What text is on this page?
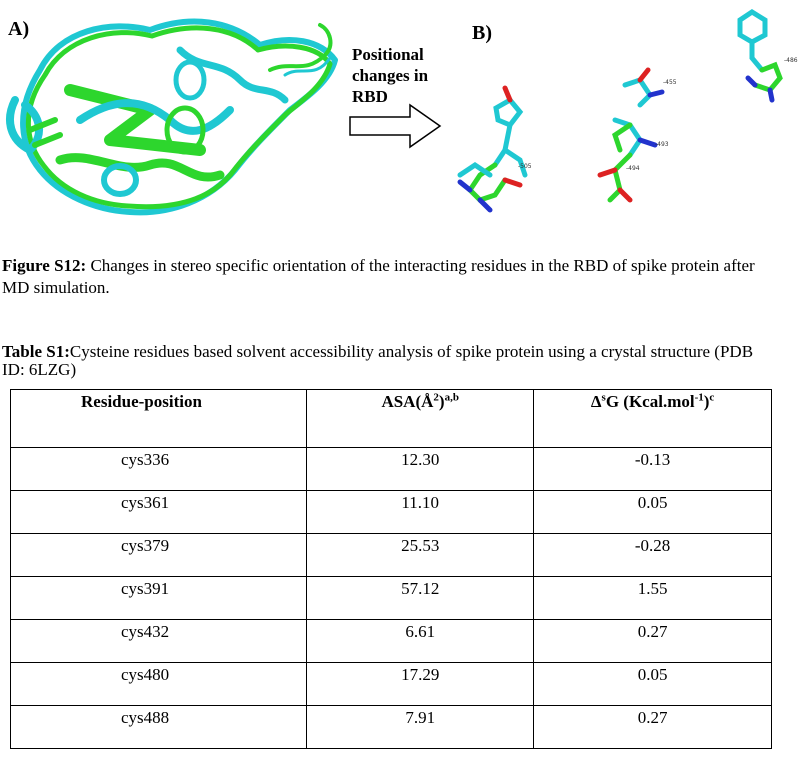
A)	B)
-455
-493
-494
-486
-505
Positional
changes in
RBD
Figure S12: Changes in stereo specific orientation of the interacting residues in the RBD of spike protein after MD simulation.
Table S1:Cysteine residues based solvent accessibility analysis of spike protein using a crystal structure (PDB ID: 6LZG)
Residue-position	$ASA(Å^2)^{a,b}$	$\Delta^sG$ (Kcal.mol$^{-1}$)$^c$
cys336	12.30	-0.13
cys361	11.10	0.05
cys379	25.53	-0.28
cys391	57.12	1.55
cys432	6.61	0.27
cys480	17.29	0.05
cys488	7.91	0.27
